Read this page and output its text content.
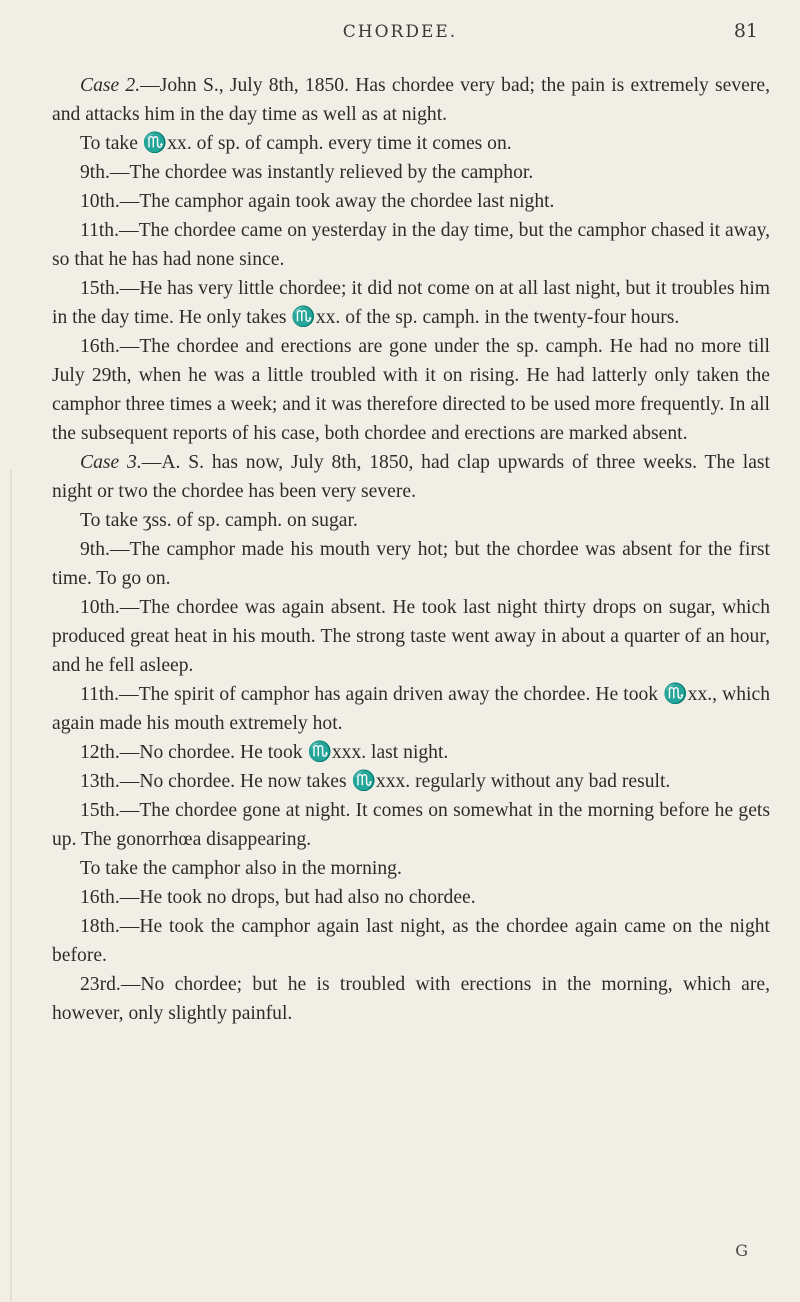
CHORDEE.	81

Case 2.—John S., July 8th, 1850. Has chordee very bad; the pain is extremely severe, and attacks him in the day time as well as at night.

To take ♏xx. of sp. of camph. every time it comes on.

9th.—The chordee was instantly relieved by the camphor.

10th.—The camphor again took away the chordee last night.

11th.—The chordee came on yesterday in the day time, but the camphor chased it away, so that he has had none since.

15th.—He has very little chordee; it did not come on at all last night, but it troubles him in the day time. He only takes ♏xx. of the sp. camph. in the twenty-four hours.

16th.—The chordee and erections are gone under the sp. camph. He had no more till July 29th, when he was a little troubled with it on rising. He had latterly only taken the camphor three times a week; and it was therefore directed to be used more frequently. In all the subsequent reports of his case, both chordee and erections are marked absent.

Case 3.—A. S. has now, July 8th, 1850, had clap upwards of three weeks. The last night or two the chordee has been very severe.

To take ʒss. of sp. camph. on sugar.

9th.—The camphor made his mouth very hot; but the chordee was absent for the first time. To go on.

10th.—The chordee was again absent. He took last night thirty drops on sugar, which produced great heat in his mouth. The strong taste went away in about a quarter of an hour, and he fell asleep.

11th.—The spirit of camphor has again driven away the chordee. He took ♏xx., which again made his mouth extremely hot.

12th.—No chordee. He took ♏xxx. last night.

13th.—No chordee. He now takes ♏xxx. regularly without any bad result.

15th.—The chordee gone at night. It comes on somewhat in the morning before he gets up. The gonorrhœa disappearing.

To take the camphor also in the morning.

16th.—He took no drops, but had also no chordee.

18th.—He took the camphor again last night, as the chordee again came on the night before.

23rd.—No chordee; but he is troubled with erections in the morning, which are, however, only slightly painful.

G
